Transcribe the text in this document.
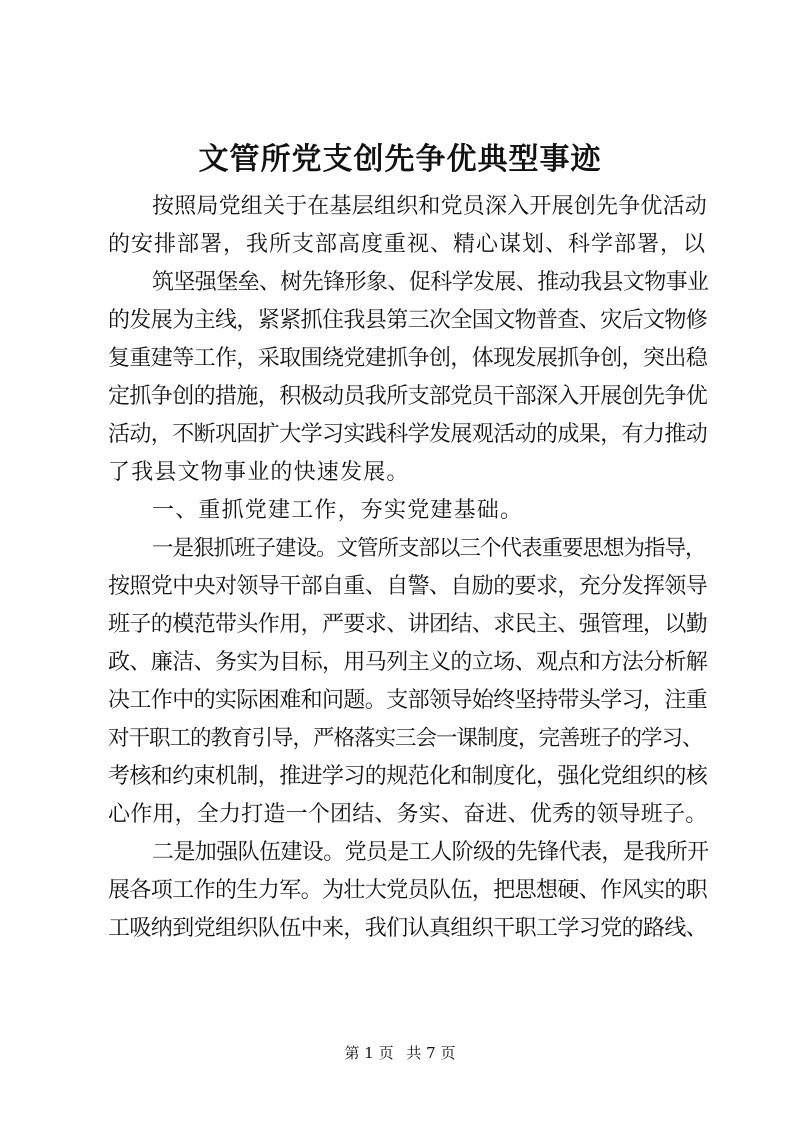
文管所党支创先争优典型事迹
按照局党组关于在基层组织和党员深入开展创先争优活动
的安排部署，我所支部高度重视、精心谋划、科学部署，以
筑坚强堡垒、树先锋形象、促科学发展、推动我县文物事业
的发展为主线，紧紧抓住我县第三次全国文物普查、灾后文物修
复重建等工作，采取围绕党建抓争创，体现发展抓争创，突出稳
定抓争创的措施，积极动员我所支部党员干部深入开展创先争优
活动，不断巩固扩大学习实践科学发展观活动的成果，有力推动
了我县文物事业的快速发展。
一、重抓党建工作，夯实党建基础。
一是狠抓班子建设。文管所支部以三个代表重要思想为指导，
按照党中央对领导干部自重、自警、自励的要求，充分发挥领导
班子的模范带头作用，严要求、讲团结、求民主、强管理，以勤
政、廉洁、务实为目标，用马列主义的立场、观点和方法分析解
决工作中的实际困难和问题。支部领导始终坚持带头学习，注重
对干职工的教育引导，严格落实三会一课制度，完善班子的学习、
考核和约束机制，推进学习的规范化和制度化，强化党组织的核
心作用，全力打造一个团结、务实、奋进、优秀的领导班子。
二是加强队伍建设。党员是工人阶级的先锋代表，是我所开
展各项工作的生力军。为壮大党员队伍，把思想硬、作风实的职
工吸纳到党组织队伍中来，我们认真组织干职工学习党的路线、
第 1 页 共 7 页
